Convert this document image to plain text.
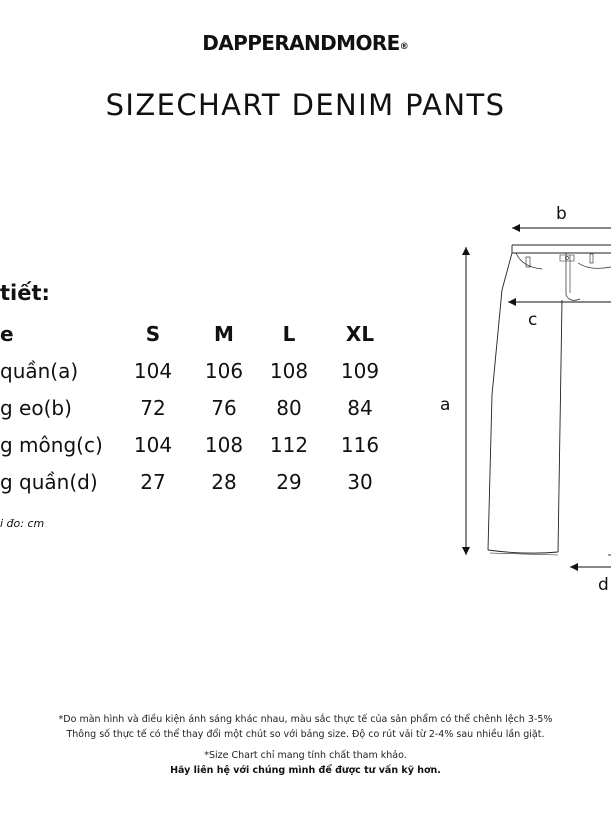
DAPPERANDMORE®
SIZECHART DENIM PANTS
tiết:
e	S	M	L	XL
quần(a)	104	106	108	109
g eo(b)	72	76	80	84
g mông(c)	104	108	112	116
g quần(d)	27	28	29	30
i đo: cm
a
b
c
d
*Do màn hình và điều kiện ánh sáng khác nhau, màu sắc thực tế của sản phẩm có thể chênh lệch 3-5%
Thông số thực tế có thể thay đổi một chút so với bảng size. Độ co rút vải từ 2-4% sau nhiều lần giặt.
*Size Chart chỉ mang tính chất tham khảo.
Hãy liên hệ với chúng mình để được tư vấn kỹ hơn.
